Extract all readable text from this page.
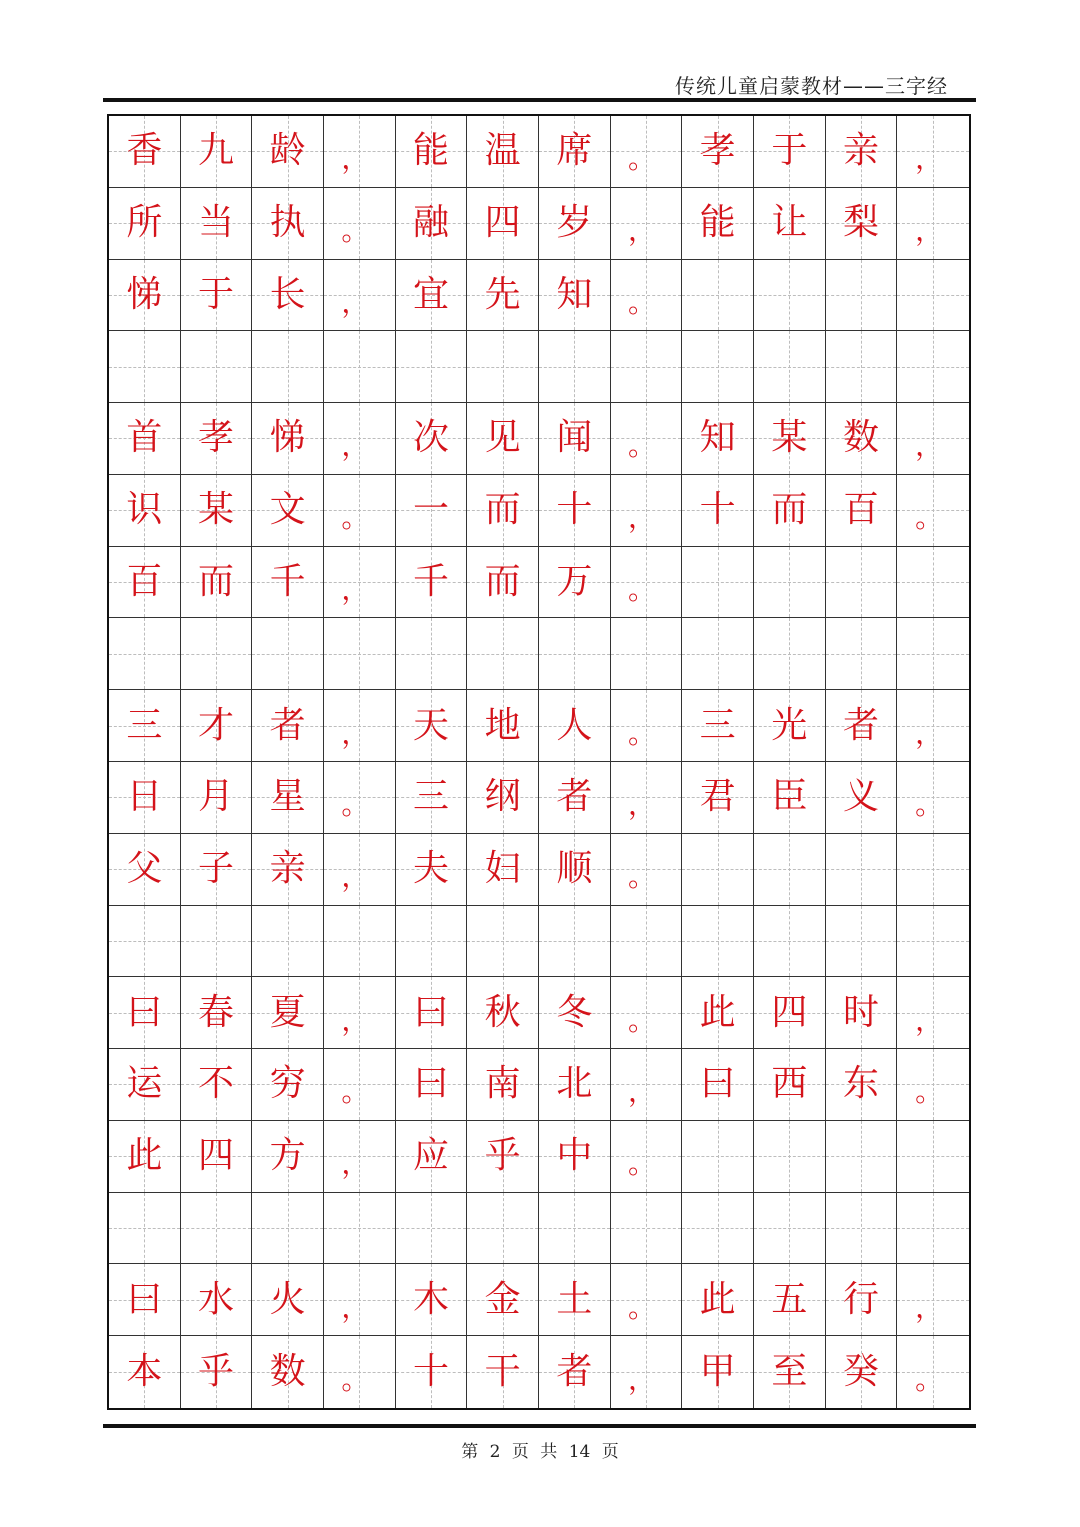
传统儿童启蒙教材——三字经
香 九 龄 ， 能 温 席 。 孝 于 亲 ，
所 当 执 。 融 四 岁 ， 能 让 梨 ，
悌 于 长 ， 宜 先 知 。
首 孝 悌 ， 次 见 闻 。 知 某 数 ，
识 某 文 。 一 而 十 ， 十 而 百 。
百 而 千 ， 千 而 万 。
三 才 者 ， 天 地 人 。 三 光 者 ，
日 月 星 。 三 纲 者 ， 君 臣 义 。
父 子 亲 ， 夫 妇 顺 。
曰 春 夏 ， 曰 秋 冬 。 此 四 时 ，
运 不 穷 。 曰 南 北 ， 曰 西 东 。
此 四 方 ， 应 乎 中 。
曰 水 火 ， 木 金 土 。 此 五 行 ，
本 乎 数 。 十 干 者 ， 甲 至 癸 。
第 2 页 共 14 页
